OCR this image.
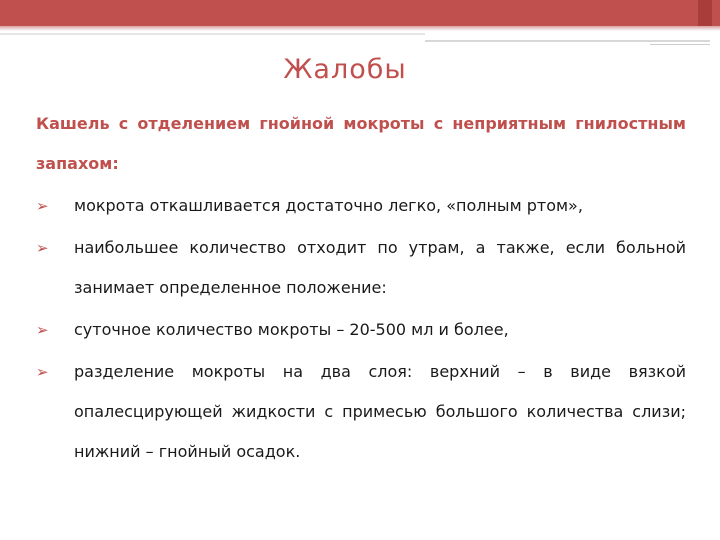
Жалобы

Кашель с отделением гнойной мокроты с неприятным гнилостным запахом:

➢ мокрота откашливается достаточно легко, «полным ртом»,
➢ наибольшее количество отходит по утрам, а также, если больной занимает определенное положение:
➢ суточное количество мокроты – 20-500 мл и более,
➢ разделение мокроты на два слоя: верхний – в виде вязкой опалесцирующей жидкости с примесью большого количества слизи; нижний – гнойный осадок.
